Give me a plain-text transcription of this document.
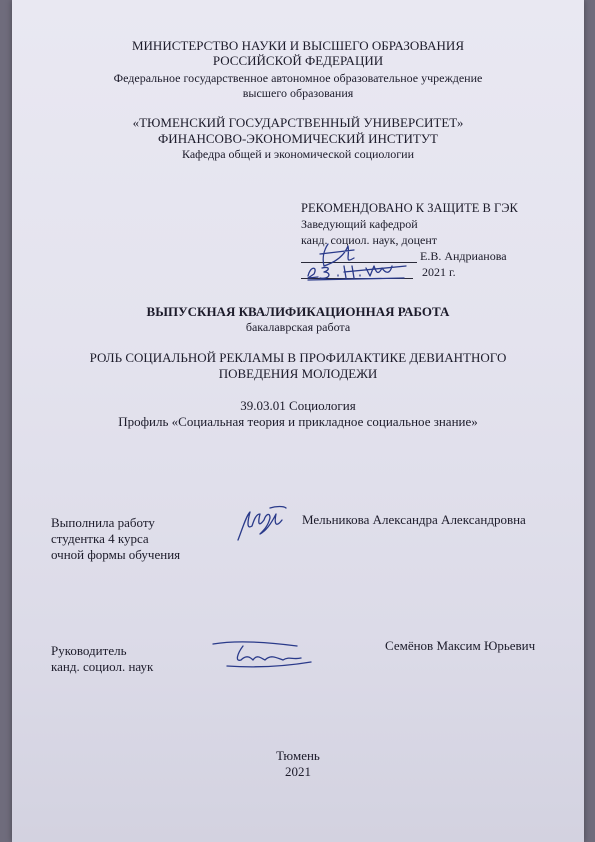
МИНИСТЕРСТВО НАУКИ И ВЫСШЕГО ОБРАЗОВАНИЯ
РОССИЙСКОЙ ФЕДЕРАЦИИ
Федеральное государственное автономное образовательное учреждение
высшего образования
«ТЮМЕНСКИЙ ГОСУДАРСТВЕННЫЙ УНИВЕРСИТЕТ»
ФИНАНСОВО-ЭКОНОМИЧЕСКИЙ ИНСТИТУТ
Кафедра общей и экономической социологии
РЕКОМЕНДОВАНО К ЗАЩИТЕ В ГЭК
Заведующий кафедрой
канд. социол. наук, доцент
Е.В. Андрианова
2021 г.
ВЫПУСКНАЯ КВАЛИФИКАЦИОННАЯ РАБОТА
бакалаврская работа
РОЛЬ СОЦИАЛЬНОЙ РЕКЛАМЫ В ПРОФИЛАКТИКЕ ДЕВИАНТНОГО
ПОВЕДЕНИЯ МОЛОДЕЖИ
39.03.01 Социология
Профиль «Социальная теория и прикладное социальное знание»
Выполнила работу
студентка 4 курса
очной формы обучения
Мельникова Александра Александровна
Руководитель
канд. социол. наук
Семёнов Максим Юрьевич
Тюмень
2021
